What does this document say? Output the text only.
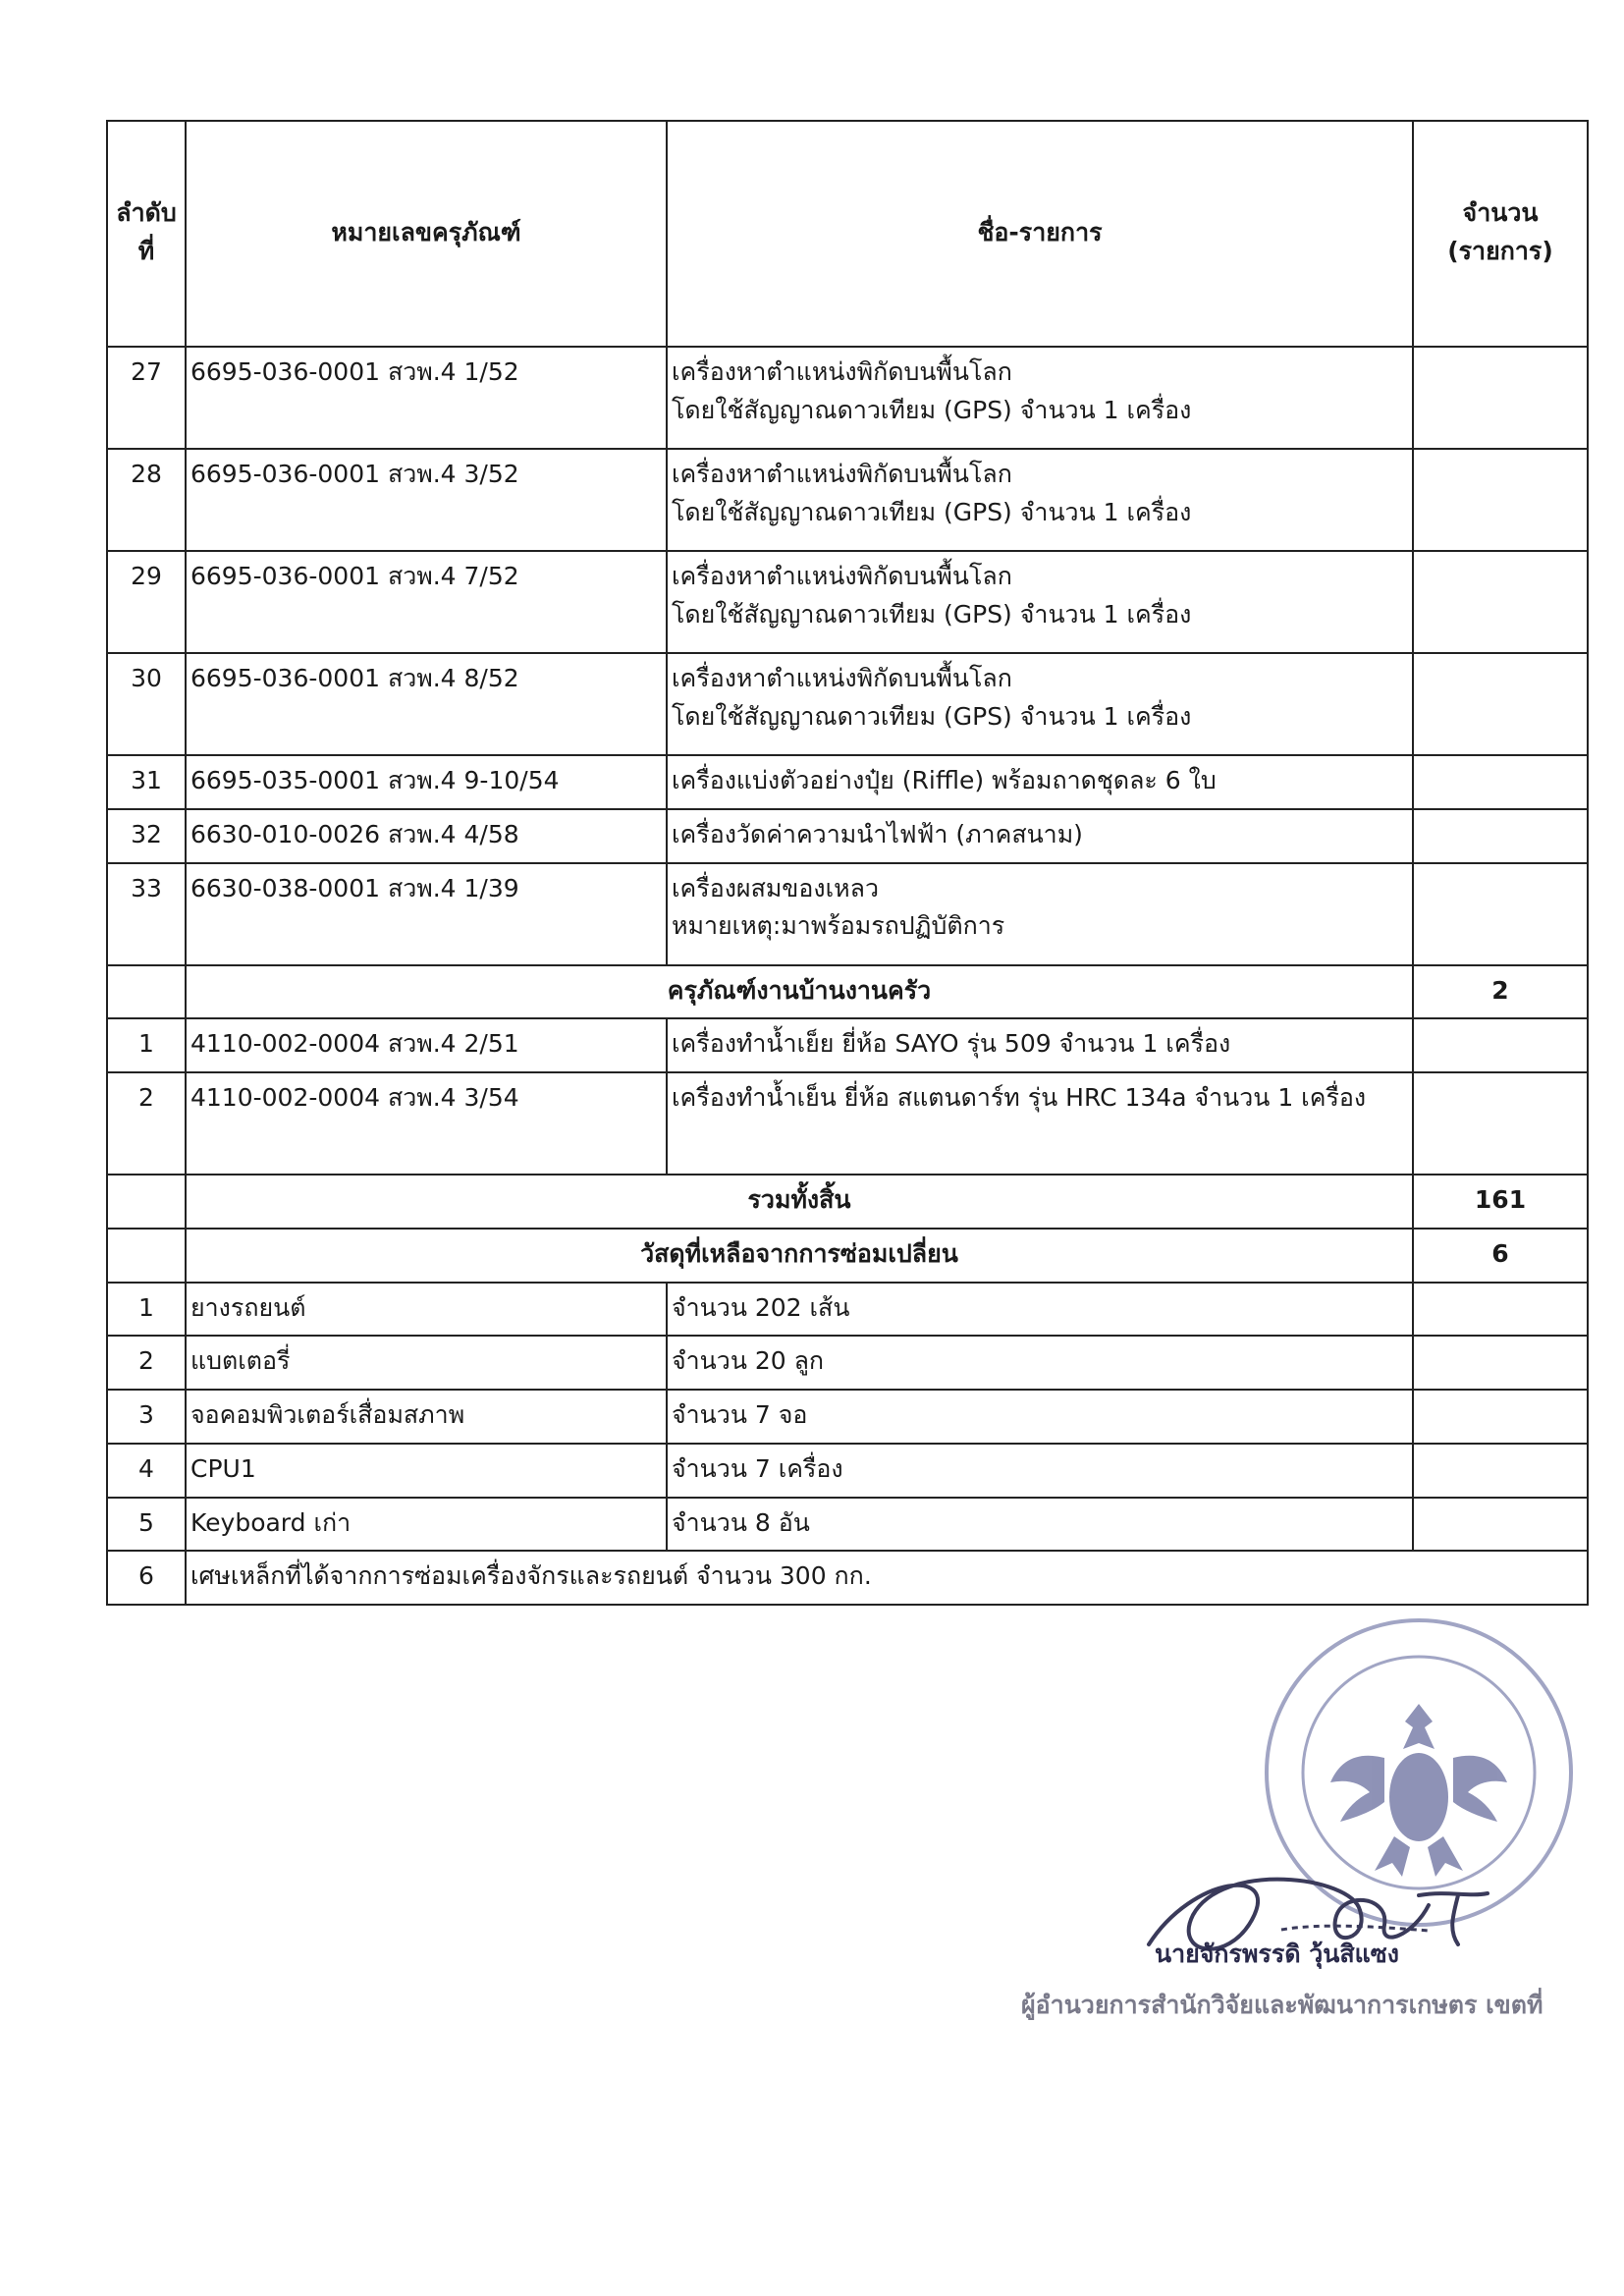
ลำดับที่	หมายเลขครุภัณฑ์	ชื่อ-รายการ	จำนวน (รายการ)
27	6695-036-0001 สวพ.4 1/52	เครื่องหาตำแหน่งพิกัดบนพื้นโลก
โดยใช้สัญญาณดาวเทียม (GPS) จำนวน 1 เครื่อง	

28	6695-036-0001 สวพ.4 3/52	เครื่องหาตำแหน่งพิกัดบนพื้นโลก
โดยใช้สัญญาณดาวเทียม (GPS) จำนวน 1 เครื่อง	

29	6695-036-0001 สวพ.4 7/52	เครื่องหาตำแหน่งพิกัดบนพื้นโลก
โดยใช้สัญญาณดาวเทียม (GPS) จำนวน 1 เครื่อง	

30	6695-036-0001 สวพ.4 8/52	เครื่องหาตำแหน่งพิกัดบนพื้นโลก
โดยใช้สัญญาณดาวเทียม (GPS) จำนวน 1 เครื่อง	

31	6695-035-0001 สวพ.4 9-10/54	เครื่องแบ่งตัวอย่างปุ๋ย (Riffle) พร้อมถาดชุดละ 6 ใบ	
32	6630-010-0026 สวพ.4 4/58	เครื่องวัดค่าความนำไฟฟ้า (ภาคสนาม)	
33	6630-038-0001 สวพ.4 1/39	เครื่องผสมของเหลว
หมายเหตุ:มาพร้อมรถปฏิบัติการ	

	ครุภัณฑ์งานบ้านงานครัว		2
1	4110-002-0004 สวพ.4 2/51	เครื่องทำน้ำเย็ย ยี่ห้อ SAYO รุ่น 509 จำนวน 1 เครื่อง	
2	4110-002-0004 สวพ.4 3/54	เครื่องทำน้ำเย็น ยี่ห้อ สแตนดาร์ท รุ่น HRC 134a จำนวน 1 เครื่อง	
	รวมทั้งสิ้น		161
	วัสดุที่เหลือจากการซ่อมเปลี่ยน		6
1	ยางรถยนต์	จำนวน 202 เส้น	
2	แบตเตอรี่	จำนวน 20 ลูก	
3	จอคอมพิวเตอร์เสื่อมสภาพ	จำนวน 7 จอ	
4	CPU1	จำนวน 7 เครื่อง	
5	Keyboard เก่า	จำนวน 8 อัน	
6	เศษเหล็กที่ได้จากการซ่อมเครื่องจักรและรถยนต์ จำนวน 300 กก.		
นายจักรพรรดิ วุ้นสิแซง
ผู้อำนวยการสำนักวิจัยและพัฒนาการเกษตร เขตที่
